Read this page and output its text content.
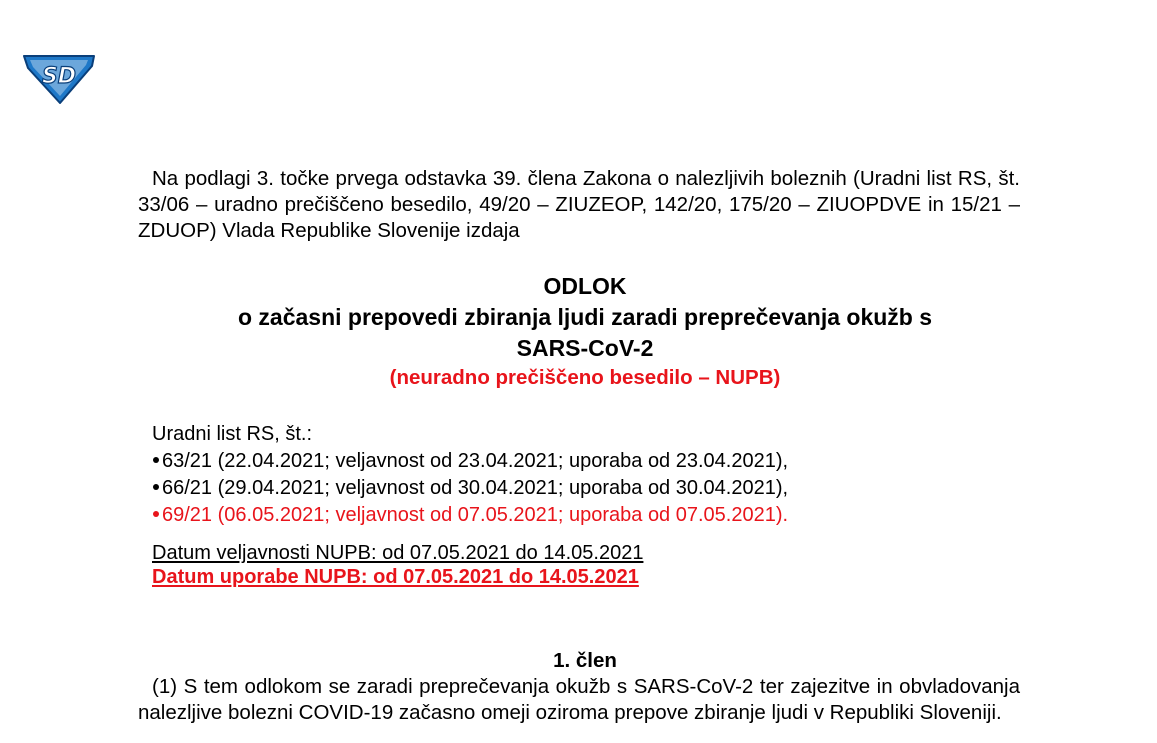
SD

Na podlagi 3. točke prvega odstavka 39. člena Zakona o nalezljivih boleznih (Uradni list RS, št. 33/06 – uradno prečiščeno besedilo, 49/20 – ZIUZEOP, 142/20, 175/20 – ZIUOPDVE in 15/21 – ZDUOP) Vlada Republike Slovenije izdaja

ODLOK
o začasni prepovedi zbiranja ljudi zaradi preprečevanja okužb s
SARS-CoV-2
(neuradno prečiščeno besedilo – NUPB)
Uradni list RS, št.:
63/21 (22.04.2021; veljavnost od 23.04.2021; uporaba od 23.04.2021),
66/21 (29.04.2021; veljavnost od 30.04.2021; uporaba od 30.04.2021),
69/21 (06.05.2021; veljavnost od 07.05.2021; uporaba od 07.05.2021).
Datum veljavnosti NUPB: od 07.05.2021 do 14.05.2021
Datum uporabe NUPB: od 07.05.2021 do 14.05.2021
1. člen

(1) S tem odlokom se zaradi preprečevanja okužb s SARS-CoV-2 ter zajezitve in obvladovanja nalezljive bolezni COVID-19 začasno omeji oziroma prepove zbiranje ljudi v Republiki Sloveniji.
